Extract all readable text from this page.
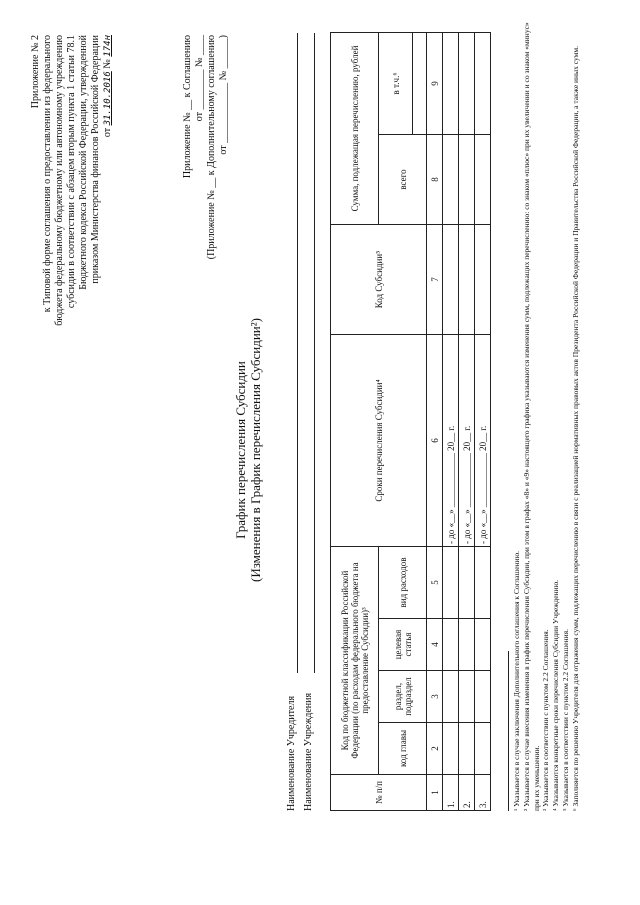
Приложение № 2 к Типовой форме соглашения о предоставлении из федерального бюджета федеральному бюджетному или автономному учреждению субсидии в соответствии с абзацем вторым пункта 1 статьи 78.1 Бюджетного кодекса Российской Федерации, утвержденной приказом Министерства финансов Российской Федерации от 31.10.2016 № 174н	Приложение № __ к Соглашению от ________ № ____ (Приложение № __ к Дополнительному соглашению от ____________ № ______)
График перечисления Субсидии (Изменения в График перечисления Субсидии²)
Наименование Учредителя Наименование Учреждения	№ п/п	Код по бюджетной классификации Российской Федерации (по расходам федерального бюджета на предоставление Субсидии)³				Сроки перечисления Субсидии⁴	Код Субсидии⁵	Сумма, подлежащая перечислению, рублей	
	код главы	раздел, подраздел	целевая статья	вид расходов			всего	в т.ч.⁶

1	2	3	4	5	6	7	8	9
1.					- до «__» ____________ 20__ г.			
2.					- до «__» ____________ 20__ г.			
3.					- до «__» ____________ 20__ г.			
¹ Указывается в случае заключения Дополнительного соглашения к Соглашению. ² Указывается в случае внесения изменения в график перечисления Субсидии, при этом в графах «8» и «9» настоящего графика указываются изменения сумм, подлежащих перечислению: со знаком «плюс» при их увеличении и со знаком «минус» при их уменьшении. ³ Указывается в соответствии с пунктом 2.2 Соглашения. ⁴ Указываются конкретные сроки перечисления Субсидии Учреждению. ⁵ Указывается в соответствии с пунктом 2.2 Соглашения. ⁶ Заполняется по решению Учредителя для отражения сумм, подлежащих перечислению в связи с реализацией нормативных правовых актов Президента Российской Федерации и Правительства Российской Федерации, а также иных сумм.
